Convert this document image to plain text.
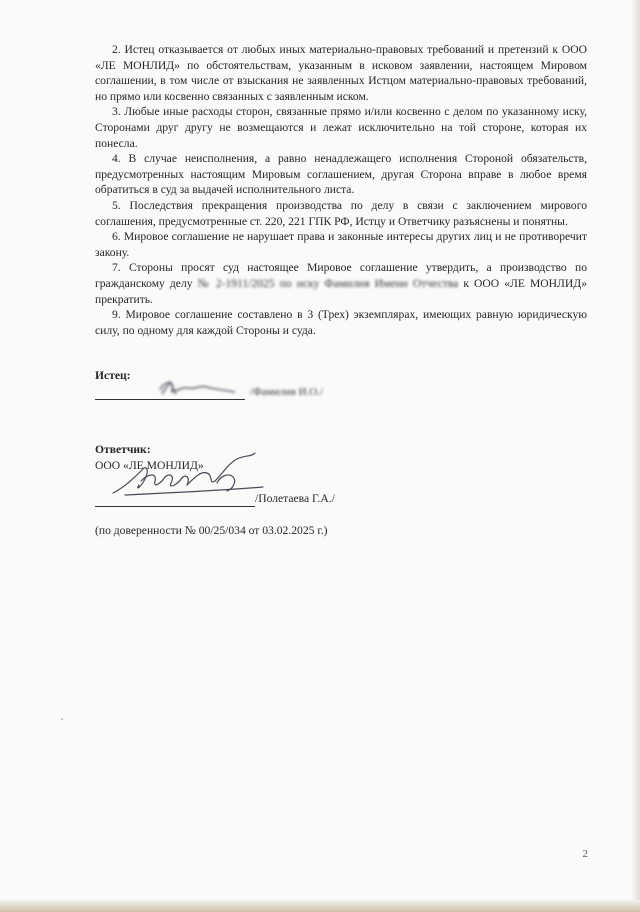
2. Истец отказывается от любых иных материально-правовых требований и претензий к ООО «ЛЕ МОНЛИД» по обстоятельствам, указанным в исковом заявлении, настоящем Мировом соглашении, в том числе от взыскания не заявленных Истцом материально-правовых требований, но прямо или косвенно связанных с заявленным иском.

3. Любые иные расходы сторон, связанные прямо и/или косвенно с делом по указанному иску, Сторонами друг другу не возмещаются и лежат исключительно на той стороне, которая их понесла.

4. В случае неисполнения, а равно ненадлежащего исполнения Стороной обязательств, предусмотренных настоящим Мировым соглашением, другая Сторона вправе в любое время обратиться в суд за выдачей исполнительного листа.

5. Последствия прекращения производства по делу в связи с заключением мирового соглашения, предусмотренные ст. 220, 221 ГПК РФ, Истцу и Ответчику разъяснены и понятны.

6. Мировое соглашение не нарушает права и законные интересы других лиц и не противоречит закону.

7. Стороны просят суд настоящее Мировое соглашение утвердить, а производство по гражданскому делу № 2-1911/2025 по иску Фамилия Имени Отчества к ООО «ЛЕ МОНЛИД» прекратить.

9. Мировое соглашение составлено в 3 (Трех) экземплярах, имеющих равную юридическую силу, по одному для каждой Стороны и суда.

Истец:
/Фамилия И.О./
Ответчик:
ООО «ЛЕ МОНЛИД»
/Полетаева Г.А./
(по доверенности № 00/25/034 от 03.02.2025 г.)
2
